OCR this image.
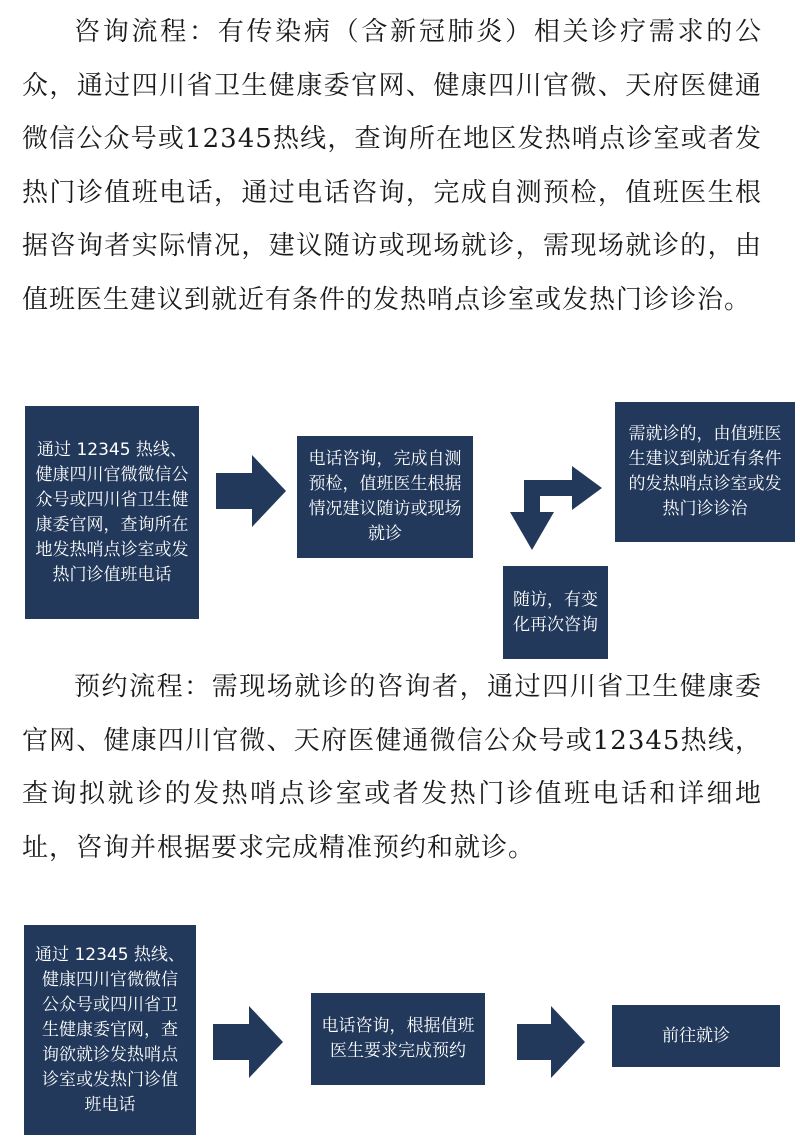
咨询流程：有传染病（含新冠肺炎）相关诊疗需求的公众，通过四川省卫生健康委官网、健康四川官微、天府医健通微信公众号或12345热线，查询所在地区发热哨点诊室或者发热门诊值班电话，通过电话咨询，完成自测预检，值班医生根据咨询者实际情况，建议随访或现场就诊，需现场就诊的，由值班医生建议到就近有条件的发热哨点诊室或发热门诊诊治。

通过 12345 热线、健康四川官微微信公众号或四川省卫生健康委官网，查询所在地发热哨点诊室或发热门诊值班电话
电话咨询，完成自测预检，值班医生根据情况建议随访或现场就诊
需就诊的，由值班医生建议到就近有条件的发热哨点诊室或发热门诊诊治
随访，有变化再次咨询

预约流程：需现场就诊的咨询者，通过四川省卫生健康委官网、健康四川官微、天府医健通微信公众号或12345热线，查询拟就诊的发热哨点诊室或者发热门诊值班电话和详细地址，咨询并根据要求完成精准预约和就诊。

通过 12345 热线、健康四川官微微信公众号或四川省卫生健康委官网，查询欲就诊发热哨点诊室或发热门诊值班电话
电话咨询，根据值班医生要求完成预约
前往就诊
